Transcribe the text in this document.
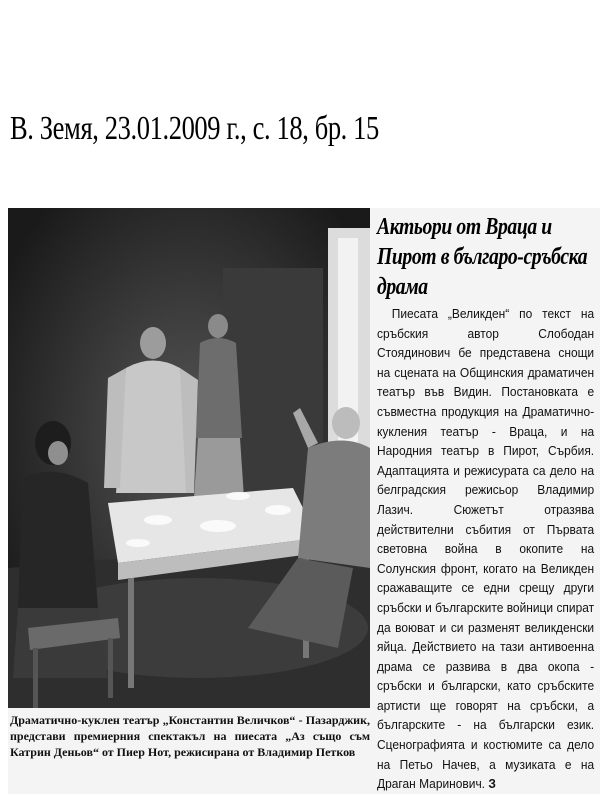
В. Земя, 23.01.2009 г., с. 18, бр. 15
Драматично-куклен театър „Константин Величков“ - Пазарджик, представи премиерния спектакъл на пиесата „Аз също съм Катрин Деньов“ от Пиер Нот, режисирана от Владимир Петков
Актьори от Враца и Пирот в българо-сръбска драма
Пиесата „Великден“ по текст на сръбския автор Слободан Стоядинович бе представена снощи на сцената на Общинския драматичен театър във Видин. Постановката е съвместна продукция на Драматично-кукления театър - Враца, и на Народния театър в Пирот, Сърбия. Адаптацията и режисурата са дело на белградския режисьор Владимир Лазич. Сюжетът отразява действителни събития от Първата световна война в окопите на Солунския фронт, когато на Великден сражаващите се едни срещу други сръбски и българските войници спират да воюват и си разменят великденски яйца. Действието на тази антивоенна драма се развива в два окопа - сръбски и български, като сръбските артисти ще говорят на сръбски, а българските - на български език. Сценографията и костюмите са дело на Петьо Начев, а музиката е на Драган Маринович. З
